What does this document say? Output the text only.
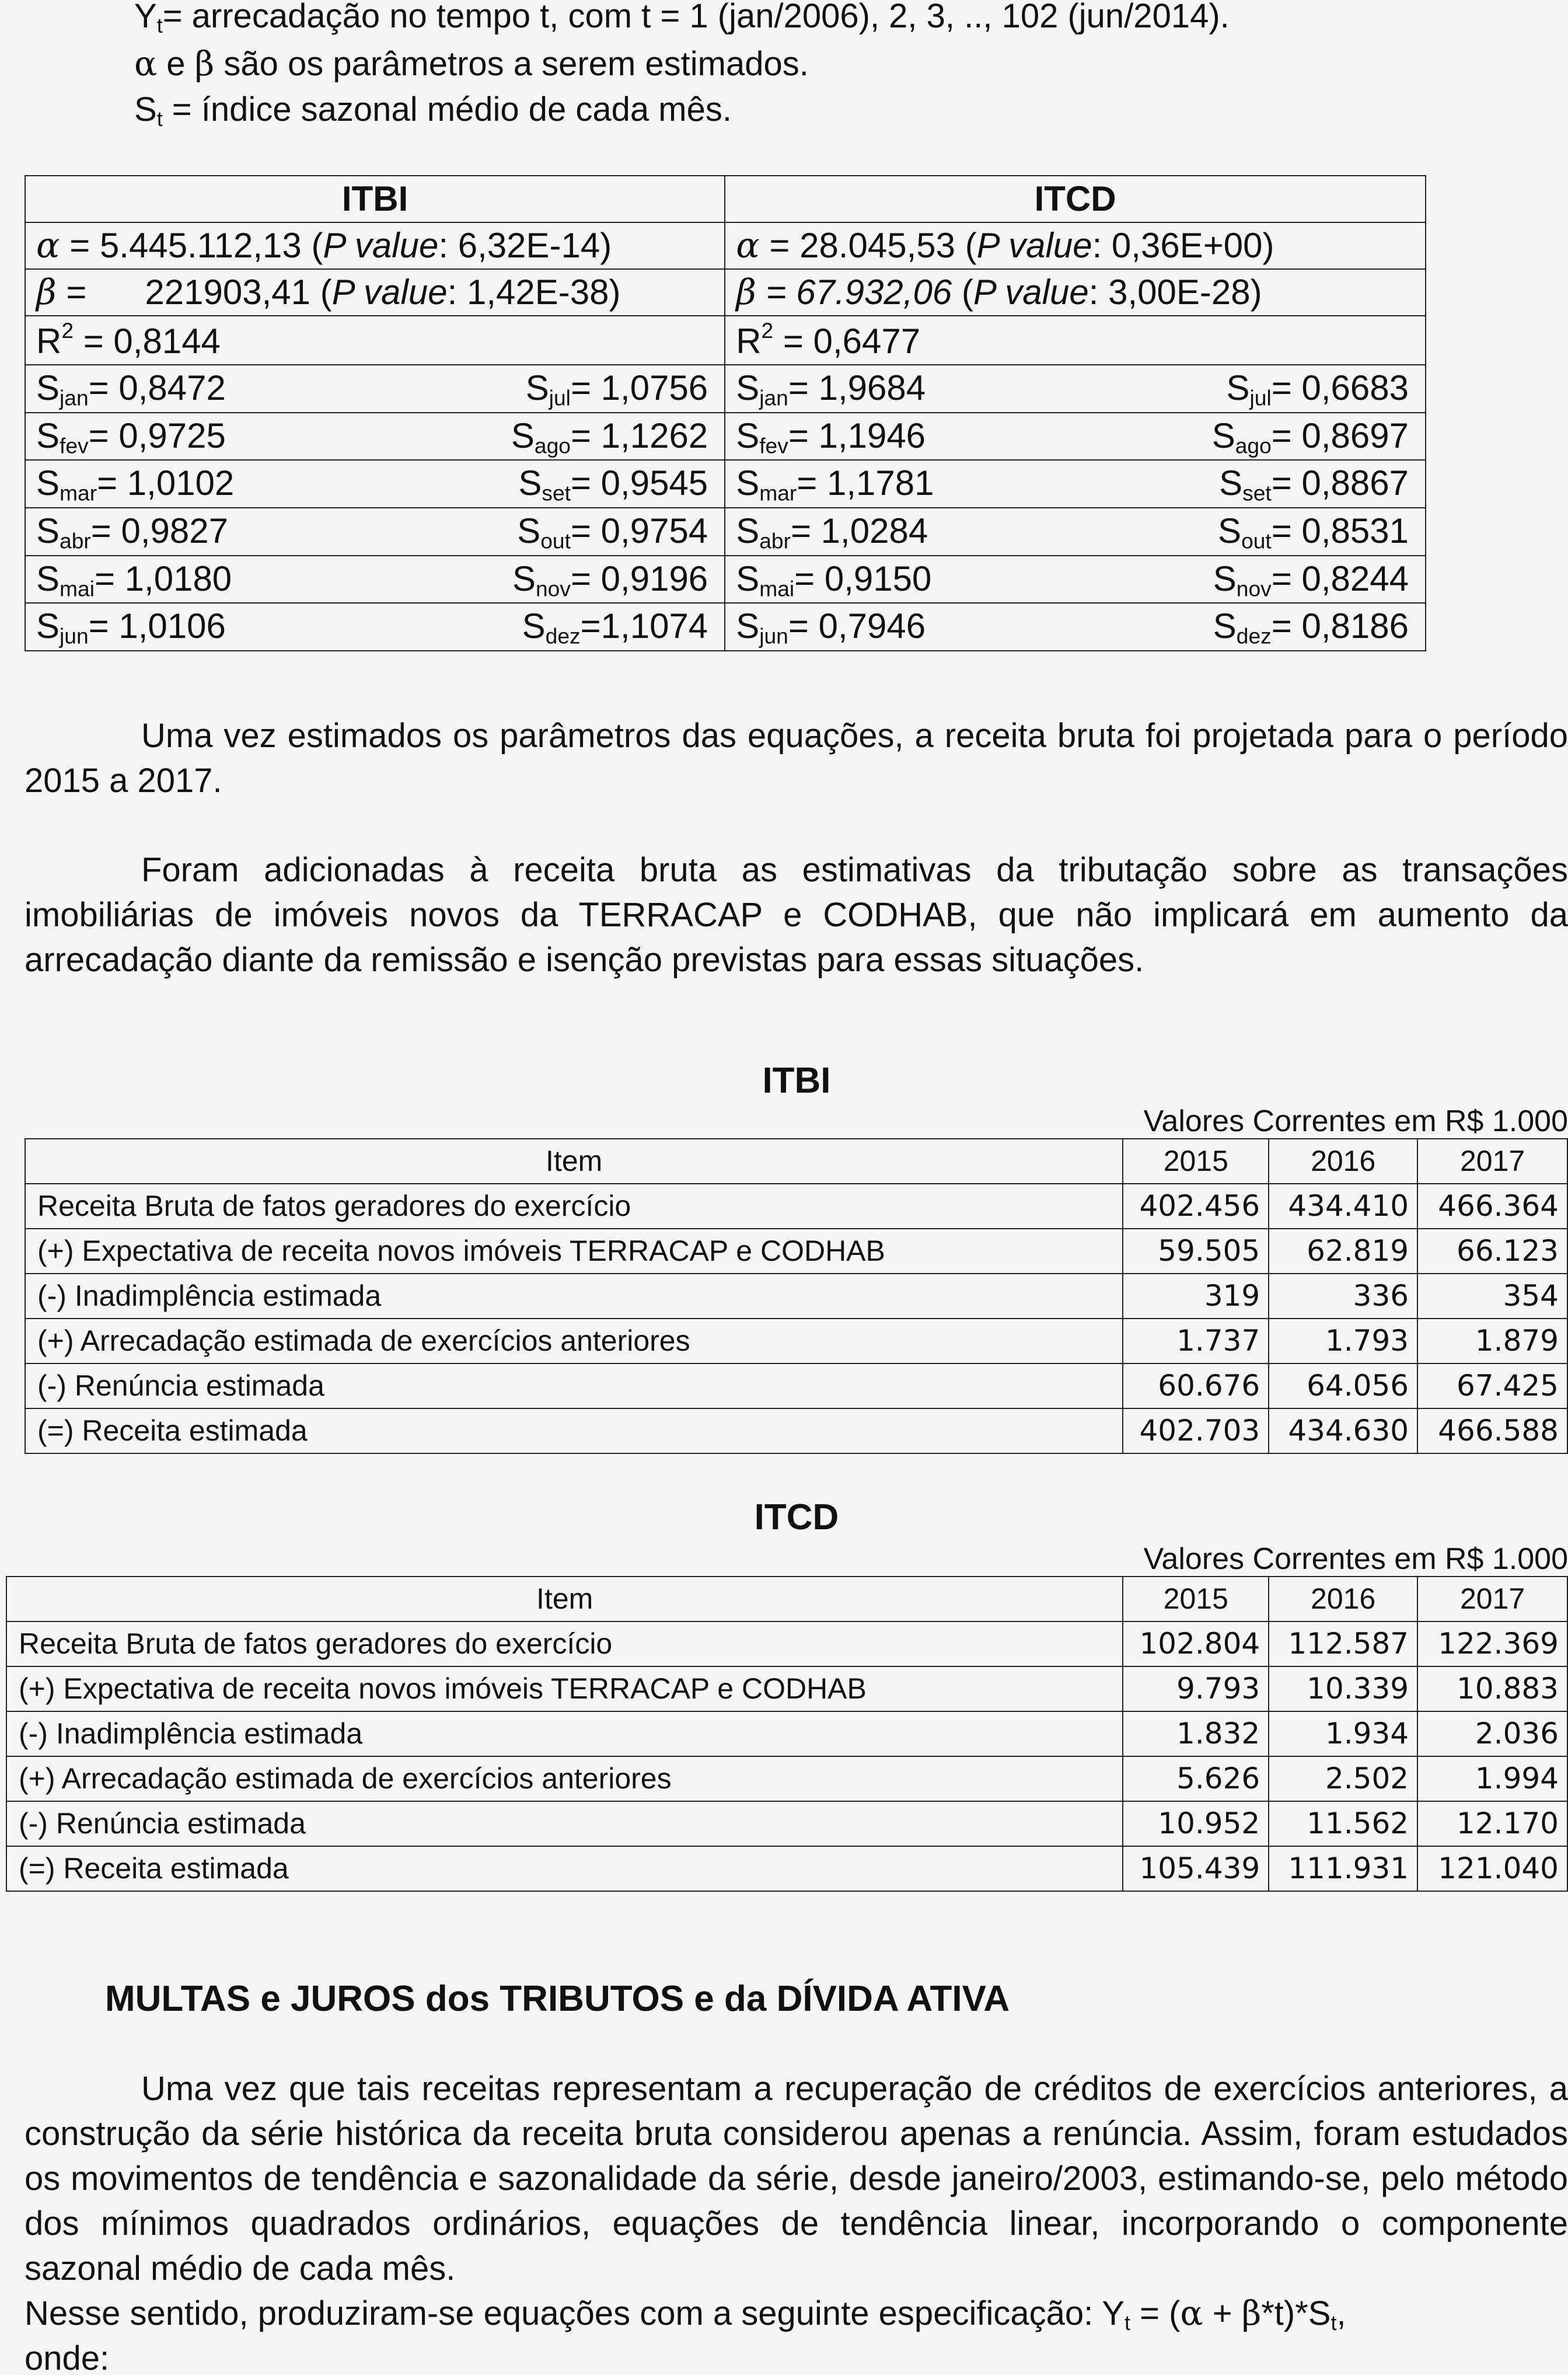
$Y_t=$ arrecadação no tempo t, com t = 1 (jan/2006), 2, 3, .., 102 (jun/2014).
α e β são os parâmetros a serem estimados.
$S_t$ = índice sazonal médio de cada mês.
ITBI	ITCD
α = 5.445.112,13 (P value: 6,32E-14)	α = 28.045,53 (P value: 0,36E+00)
β =      221903,41 (P value: 1,42E-38)	β = 67.932,06 (P value: 3,00E-28)
$R^2 = 0,8144$	$R^2 = 0,6477$

$S_{jan}= 0,8472$ $S_{jul}= 1,0756$	$S_{jan}= 1,9684$ $S_{jul}= 0,6683$

$S_{fev}= 0,9725$ $S_{ago}= 1,1262$	$S_{fev}= 1,1946$ $S_{ago}= 0,8697$

$S_{mar}= 1,0102$ $S_{set}= 0,9545$	$S_{mar}= 1,1781$ $S_{set}= 0,8867$

$S_{abr}= 0,9827$ $S_{out}= 0,9754$	$S_{abr}= 1,0284$ $S_{out}= 0,8531$

$S_{mai}= 1,0180$ $S_{nov}= 0,9196$	$S_{mai}= 0,9150$ $S_{nov}= 0,8244$

$S_{jun}= 1,0106$ $S_{dez}=1,1074$	$S_{jun}= 0,7946$ $S_{dez}= 0,8186$
Uma vez estimados os parâmetros das equações, a receita bruta foi projetada para o período 2015 a 2017.
Foram adicionadas à receita bruta as estimativas da tributação sobre as transações imobiliárias de imóveis novos da TERRACAP e CODHAB, que não implicará em aumento da arrecadação diante da remissão e isenção previstas para essas situações.
ITBI
Valores Correntes em R$ 1.000
Item	2015	2016	2017
Receita Bruta de fatos geradores do exercício	402.456	434.410	466.364
(+) Expectativa de receita novos imóveis TERRACAP e CODHAB	59.505	62.819	66.123
(-) Inadimplência estimada	319	336	354
(+) Arrecadação estimada de exercícios anteriores	1.737	1.793	1.879
(-) Renúncia estimada	60.676	64.056	67.425
(=) Receita estimada	402.703	434.630	466.588
ITCD
Valores Correntes em R$ 1.000
Item	2015	2016	2017
Receita Bruta de fatos geradores do exercício	102.804	112.587	122.369
(+) Expectativa de receita novos imóveis TERRACAP e CODHAB	9.793	10.339	10.883
(-) Inadimplência estimada	1.832	1.934	2.036
(+) Arrecadação estimada de exercícios anteriores	5.626	2.502	1.994
(-) Renúncia estimada	10.952	11.562	12.170
(=) Receita estimada	105.439	111.931	121.040
MULTAS e JUROS dos TRIBUTOS e da DÍVIDA ATIVA
Uma vez que tais receitas representam a recuperação de créditos de exercícios anteriores, a construção da série histórica da receita bruta considerou apenas a renúncia. Assim, foram estudados os movimentos de tendência e sazonalidade da série, desde janeiro/2003, estimando-se, pelo método dos mínimos quadrados ordinários, equações de tendência linear, incorporando o componente sazonal médio de cada mês.
Nesse sentido, produziram-se equações com a seguinte especificação: $Y_t = (\alpha + \beta*t)*S_t$,
onde:
